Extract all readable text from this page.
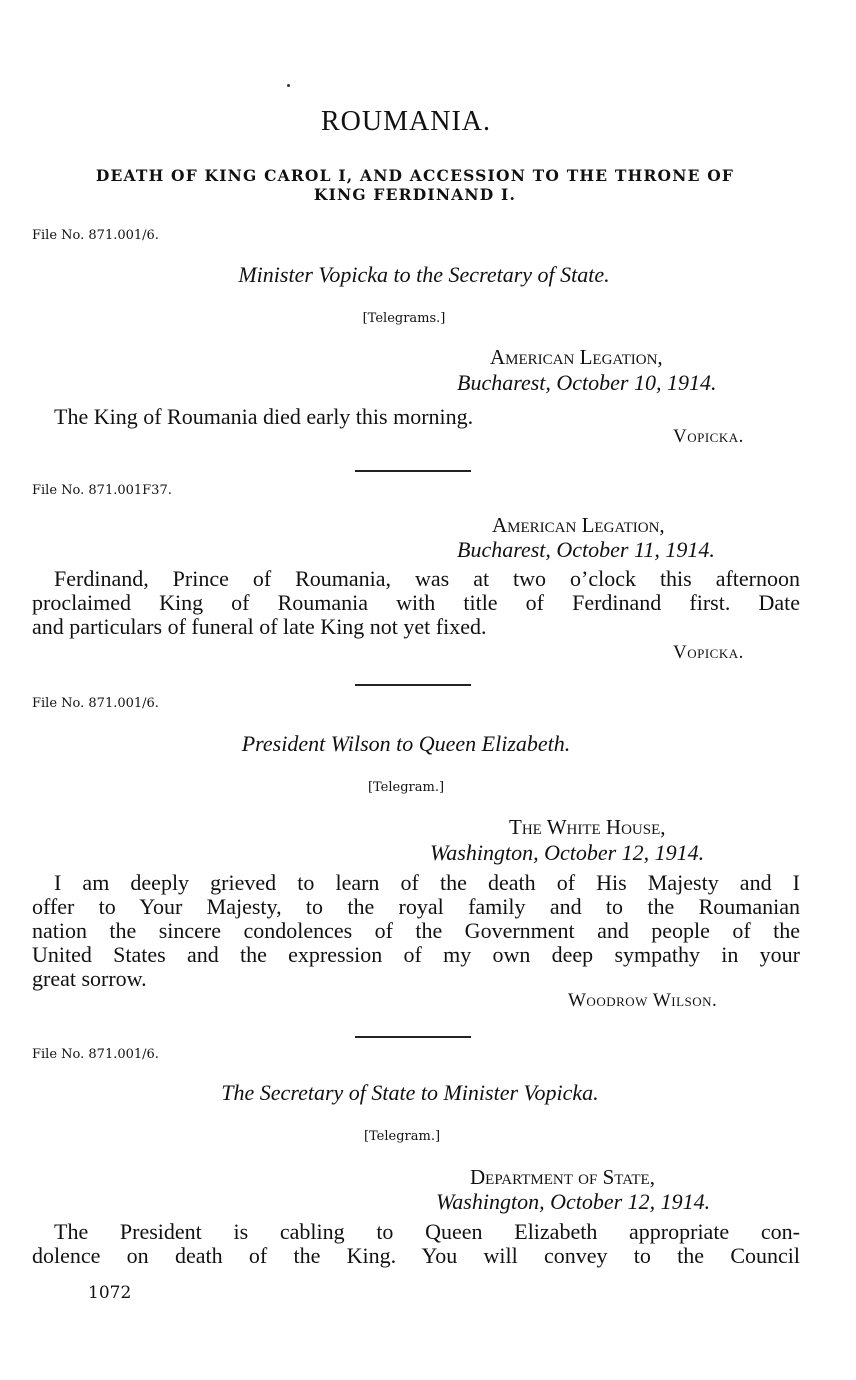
ROUMANIA.
DEATH OF KING CAROL I, AND ACCESSION TO THE THRONE OF
KING FERDINAND I.
File No. 871.001/6.
Minister Vopicka to the Secretary of State.
[Telegrams.]
American Legation,
Bucharest, October 10, 1914.
The King of Roumania died early this morning.
Vopicka.
File No. 871.001F37.
American Legation,
Bucharest, October 11, 1914.
Ferdinand, Prince of Roumania, was at two o’clock this afternoon
proclaimed King of Roumania with title of Ferdinand first. Date
and particulars of funeral of late King not yet fixed.
Vopicka.
File No. 871.001/6.
President Wilson to Queen Elizabeth.
[Telegram.]
The White House,
Washington, October 12, 1914.
I am deeply grieved to learn of the death of His Majesty and I
offer to Your Majesty, to the royal family and to the Roumanian
nation the sincere condolences of the Government and people of the
United States and the expression of my own deep sympathy in your
great sorrow.
Woodrow Wilson.
File No. 871.001/6.
The Secretary of State to Minister Vopicka.
[Telegram.]
Department of State,
Washington, October 12, 1914.
The President is cabling to Queen Elizabeth appropriate con-
dolence on death of the King. You will convey to the Council
1072
